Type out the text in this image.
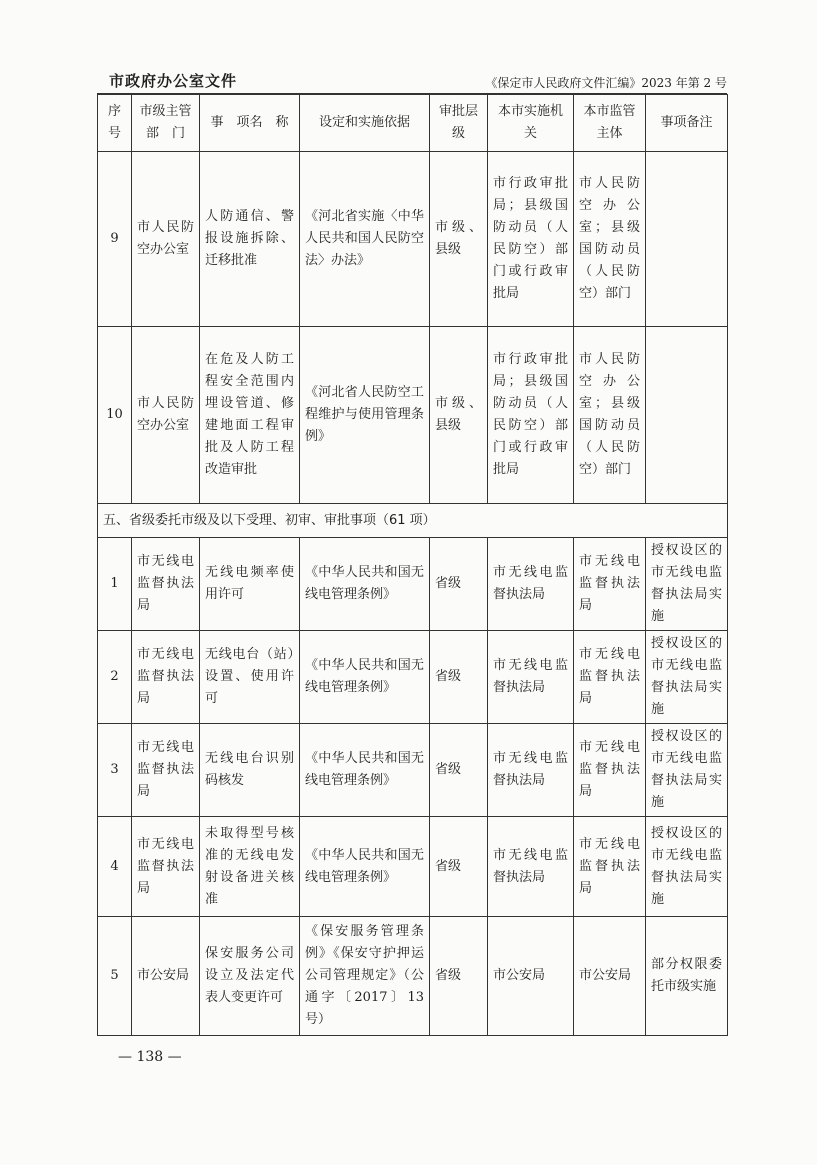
市政府办公室文件	《保定市人民政府文件汇编》2023 年第 2 号
序号	市级主管部　门	事　项名　称	设定和实施依据	审批层级	本市实施机关	本市监管主体	事项备注
9	市人民防空办公室	人防通信、警报设施拆除、迁移批准	《河北省实施〈中华人民共和国人民防空法〉办法》	市级、县级	市行政审批局；县级国防动员（人民防空）部门或行政审批局	市人民防空办公室；县级国防动员（人民防空）部门	
10	市人民防空办公室	在危及人防工程安全范围内埋设管道、修建地面工程审批及人防工程改造审批	《河北省人民防空工程维护与使用管理条例》	市级、县级	市行政审批局；县级国防动员（人民防空）部门或行政审批局	市人民防空办公室；县级国防动员（人民防空）部门	
五、省级委托市级及以下受理、初审、审批事项（61 项）							
1	市无线电监督执法局	无线电频率使用许可	《中华人民共和国无线电管理条例》	省级	市无线电监督执法局	市无线电监督执法局	授权设区的市无线电监督执法局实施
2	市无线电监督执法局	无线电台（站）设置、使用许可	《中华人民共和国无线电管理条例》	省级	市无线电监督执法局	市无线电监督执法局	授权设区的市无线电监督执法局实施
3	市无线电监督执法局	无线电台识别码核发	《中华人民共和国无线电管理条例》	省级	市无线电监督执法局	市无线电监督执法局	授权设区的市无线电监督执法局实施
4	市无线电监督执法局	未取得型号核准的无线电发射设备进关核准	《中华人民共和国无线电管理条例》	省级	市无线电监督执法局	市无线电监督执法局	授权设区的市无线电监督执法局实施
5	市公安局	保安服务公司设立及法定代表人变更许可	《保安服务管理条例》《保安守护押运公司管理规定》（公通字〔2017〕13 号）	省级	市公安局	市公安局	部分权限委托市级实施
— 138 —
